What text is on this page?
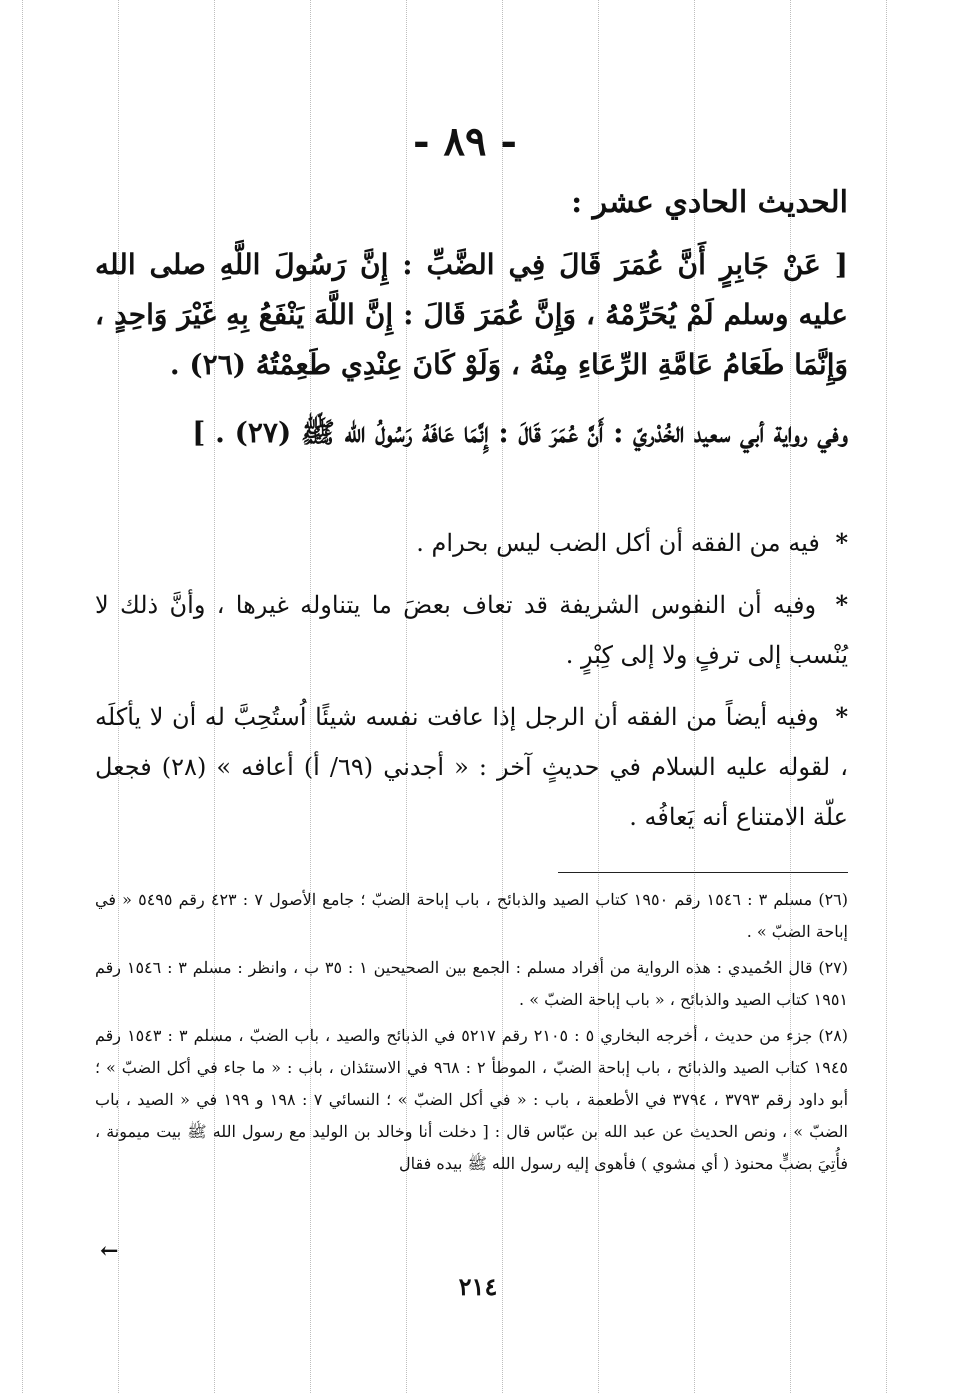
- ٨٩ -
الحديث الحادي عشر :
[ عَنْ جَابِرٍ أَنَّ عُمَرَ قَالَ فِي الضَّبِّ : إِنَّ رَسُولَ اللَّهِ صلى الله عليه وسلم لَمْ يُحَرِّمْهُ ، وَإِنَّ عُمَرَ قَالَ : إِنَّ اللَّهَ يَنْفَعُ بِهِ غَيْرَ وَاحِدٍ ، وَإِنَّمَا طَعَامُ عَامَّةِ الرِّعَاءِ مِنْهُ ، وَلَوْ كَانَ عِنْدِي طَعِمْتُهُ (٢٦) .
وفي رواية أبي سعيد الخُدْريّ : أَنَّ عُمَرَ قَالَ : إِنَّمَا عَافَهُ رَسُولُ الله ﷺ (٢٧) . ]
* فيه من الفقه أن أكل الضب ليس بحرام .
* وفيه أن النفوس الشريفة قد تعاف بعضَ ما يتناوله غيرها ، وأنَّ ذلك لا يُنْسب إلى ترفٍ ولا إلى كِبْرٍ .
* وفيه أيضاً من الفقه أن الرجل إذا عافت نفسه شيئًا اُستُحِبَّ له أن لا يأكلَه ، لقوله عليه السلام في حديثٍ آخر : « أجدني (٦٩/ أ) أعافه » (٢٨) فجعل علّة الامتناع أنه يَعافُه .

(٢٦) مسلم ٣ : ١٥٤٦ رقم ١٩٥٠ كتاب الصيد والذبائح ، باب إباحة الضبّ ؛ جامع الأصول ٧ : ٤٢٣ رقم ٥٤٩٥ « في إباحة الضبّ » .

(٢٧) قال الحُميدي : هذه الرواية من أفراد مسلم : الجمع بين الصحيحين ١ : ٣٥ ب ، وانظر : مسلم ٣ : ١٥٤٦ رقم ١٩٥١ كتاب الصيد والذبائح ، « باب إباحة الضبّ » .

(٢٨) جزء من حديث ، أخرجه البخاري ٥ : ٢١٠٥ رقم ٥٢١٧ في الذبائح والصيد ، باب الضبّ ، مسلم ٣ : ١٥٤٣ رقم ١٩٤٥ كتاب الصيد والذبائح ، باب إباحة الضبّ ، الموطأ ٢ : ٩٦٨ في الاستئذان ، باب : « ما جاء في أكل الضبّ » ؛ أبو داود رقم ٣٧٩٣ ، ٣٧٩٤ في الأطعمة ، باب : « في أكل الضبّ » ؛ النسائي ٧ : ١٩٨ و ١٩٩ في « الصيد ، باب الضبّ » ، ونص الحديث عن عبد الله بن عبّاس قال : [ دخلت أنا وخالد بن الوليد مع رسول الله ﷺ بيت ميمونة ، فأُتِيَ بضبٍّ محنوذ ( أي مشوي ) فأهوى إليه رسول الله ﷺ بيده فقال

←
٢١٤
